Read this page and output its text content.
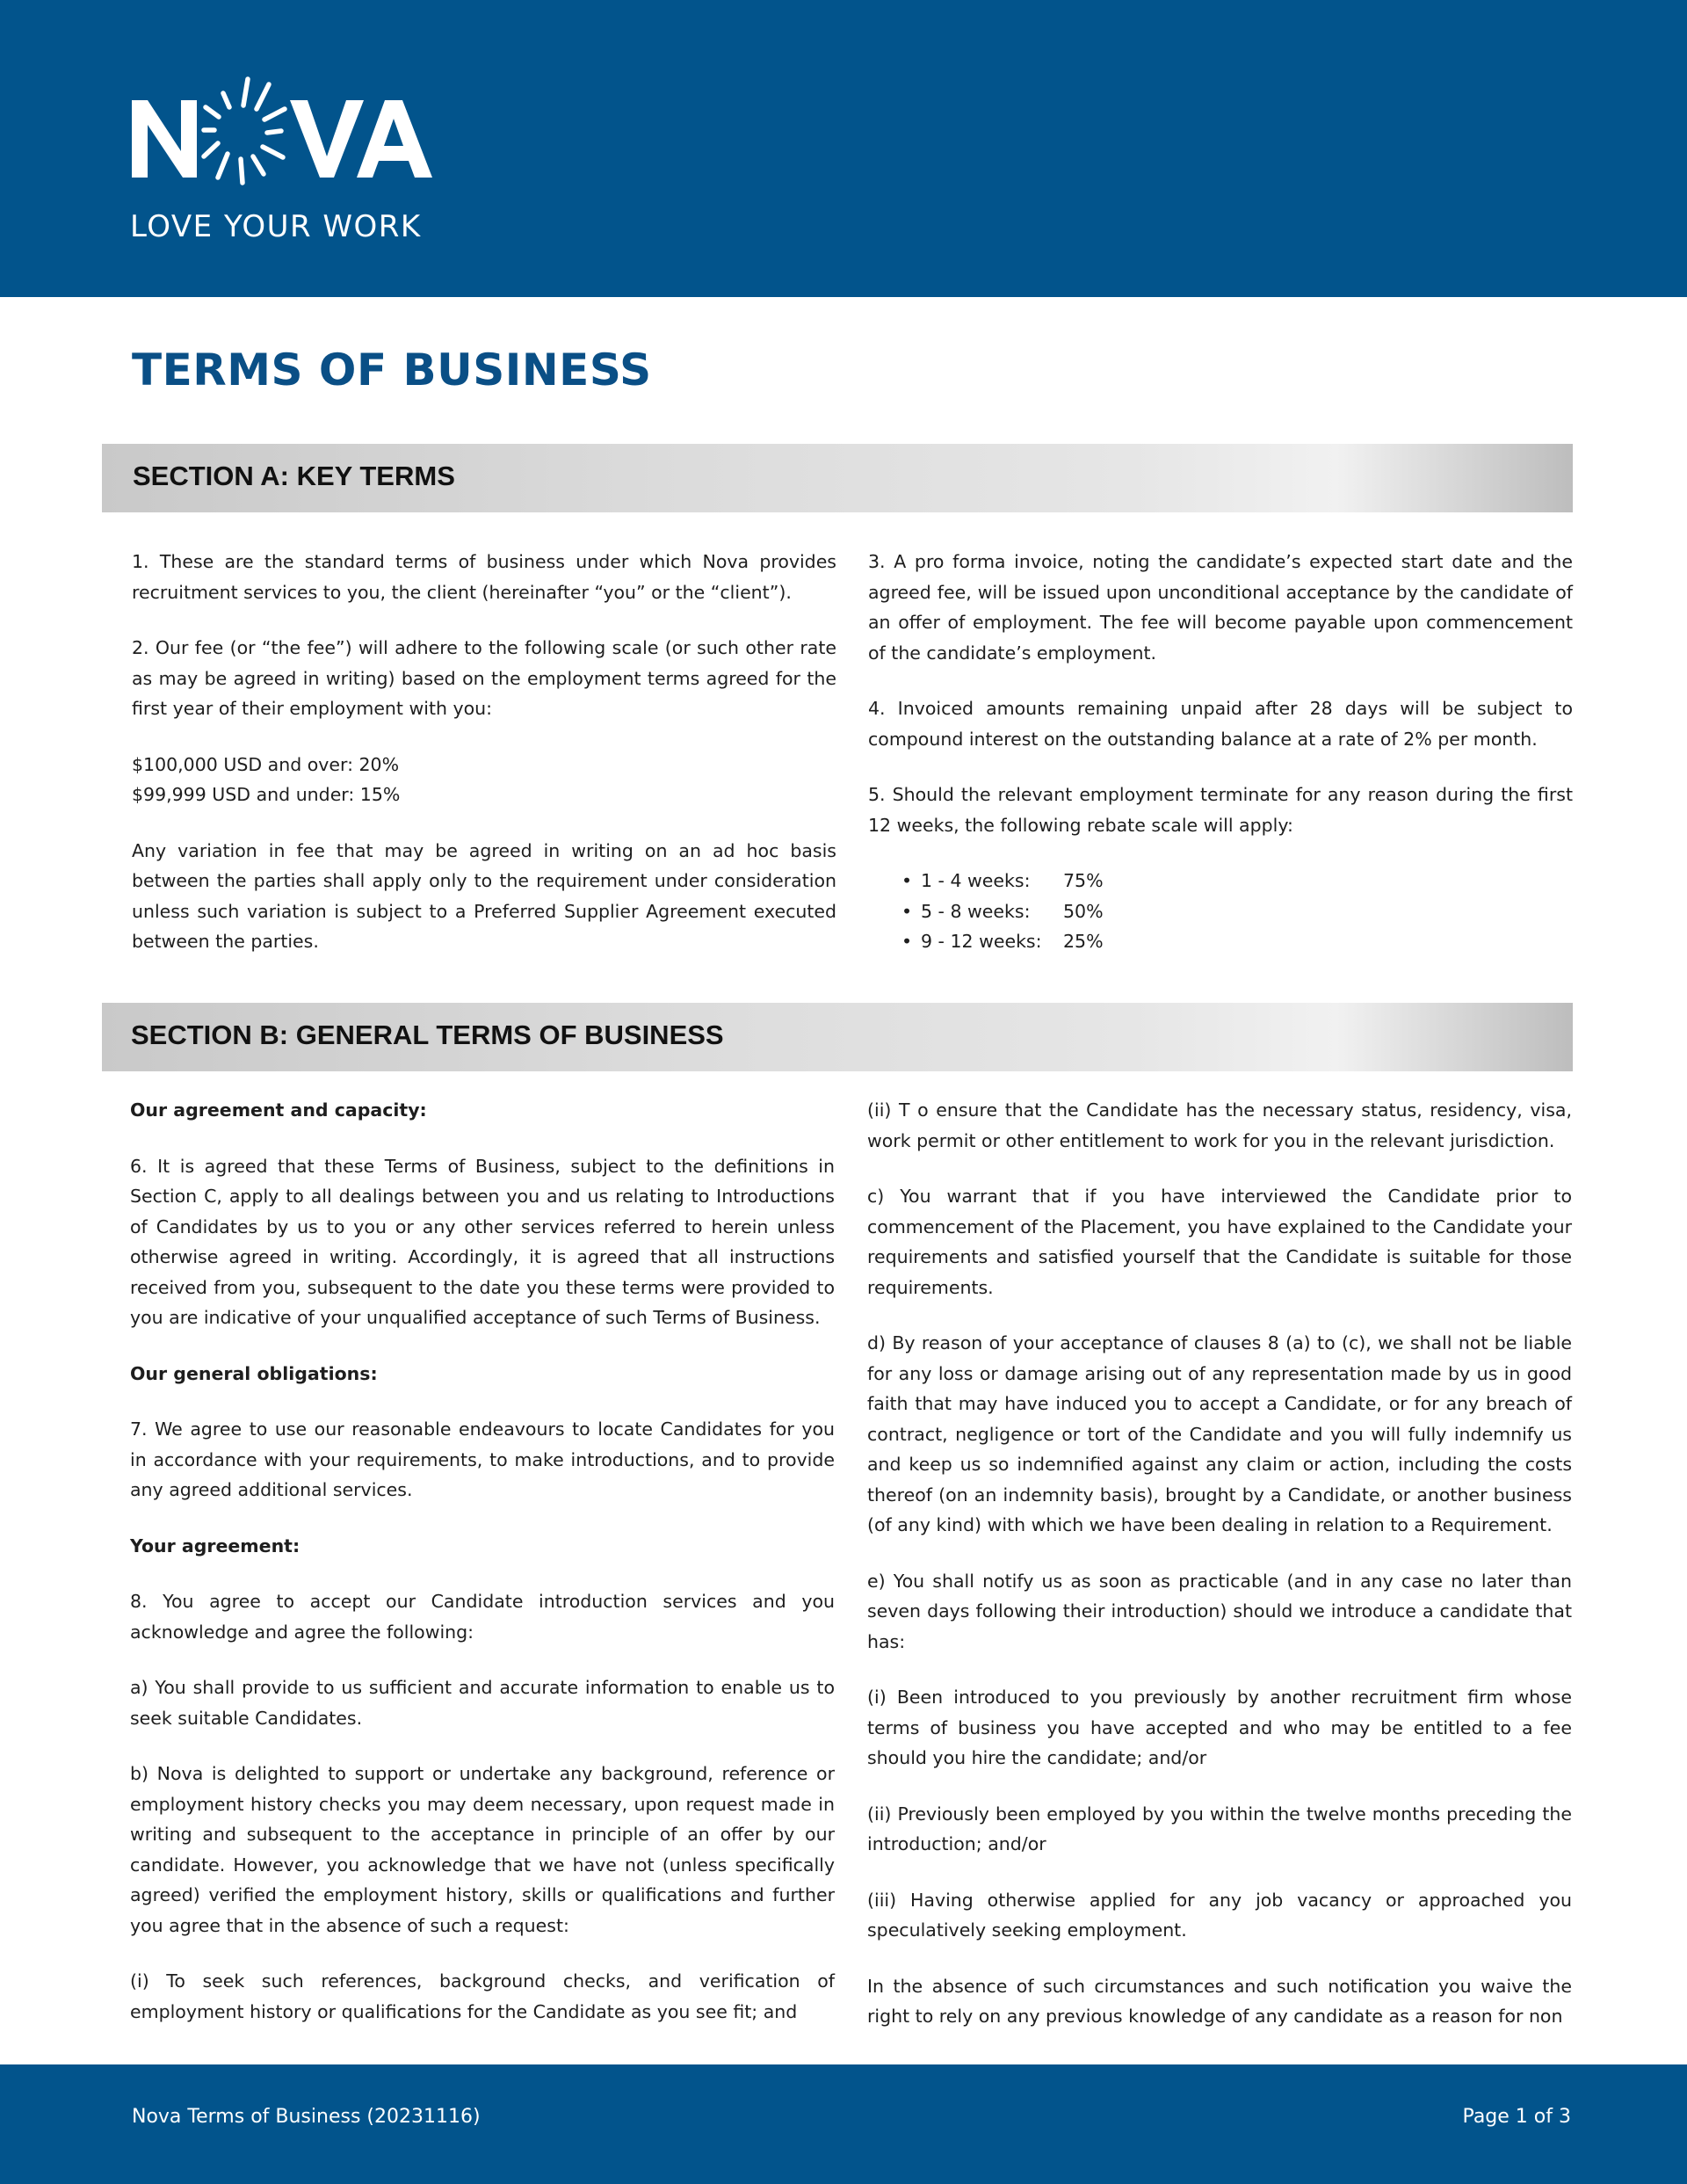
LOVE YOUR WORK
TERMS OF BUSINESS
SECTION A: KEY TERMS

1. These are the standard terms of business under which Nova provides recruitment services to you, the client (hereinafter “you” or the “client”).

2. Our fee (or “the fee”) will adhere to the following scale (or such other rate as may be agreed in writing) based on the employment terms agreed for the first year of their employment with you:

$100,000 USD and over: 20%
$99,999 USD and under: 15%

Any variation in fee that may be agreed in writing on an ad hoc basis between the parties shall apply only to the requirement under consideration unless such variation is subject to a Preferred Supplier Agreement executed between the parties.

3. A pro forma invoice, noting the candidate’s expected start date and the agreed fee, will be issued upon unconditional acceptance by the candidate of an offer of employment. The fee will become payable upon commencement of the candidate’s employment.

4. Invoiced amounts remaining unpaid after 28 days will be subject to compound interest on the outstanding balance at a rate of 2% per month.

5. Should the relevant employment terminate for any reason during the first 12 weeks, the following rebate scale will apply:

• 1 - 4 weeks: 75%
• 5 - 8 weeks: 50%
• 9 - 12 weeks: 25%
SECTION B: GENERAL TERMS OF BUSINESS

Our agreement and capacity:

6. It is agreed that these Terms of Business, subject to the definitions in Section C, apply to all dealings between you and us relating to Introductions of Candidates by us to you or any other services referred to herein unless otherwise agreed in writing. Accordingly, it is agreed that all instructions received from you, subsequent to the date you these terms were provided to you are indicative of your unqualified acceptance of such Terms of Business.

Our general obligations:

7. We agree to use our reasonable endeavours to locate Candidates for you in accordance with your requirements, to make introductions, and to provide any agreed additional services.

Your agreement:

8. You agree to accept our Candidate introduction services and you acknowledge and agree the following:

a) You shall provide to us sufficient and accurate information to enable us to seek suitable Candidates.

b) Nova is delighted to support or undertake any background, reference or employment history checks you may deem necessary, upon request made in writing and subsequent to the acceptance in principle of an offer by our candidate. However, you acknowledge that we have not (unless specifically agreed) verified the employment history, skills or qualifications and further you agree that in the absence of such a request:

(i) To seek such references, background checks, and verification of employment history or qualifications for the Candidate as you see fit; and

(ii) T o ensure that the Candidate has the necessary status, residency, visa, work permit or other entitlement to work for you in the relevant jurisdiction.

c) You warrant that if you have interviewed the Candidate prior to commencement of the Placement, you have explained to the Candidate your requirements and satisfied yourself that the Candidate is suitable for those requirements.

d) By reason of your acceptance of clauses 8 (a) to (c), we shall not be liable for any loss or damage arising out of any representation made by us in good faith that may have induced you to accept a Candidate, or for any breach of contract, negligence or tort of the Candidate and you will fully indemnify us and keep us so indemnified against any claim or action, including the costs thereof (on an indemnity basis), brought by a Candidate, or another business (of any kind) with which we have been dealing in relation to a Requirement.

e) You shall notify us as soon as practicable (and in any case no later than seven days following their introduction) should we introduce a candidate that has:

(i) Been introduced to you previously by another recruitment firm whose terms of business you have accepted and who may be entitled to a fee should you hire the candidate; and/or

(ii) Previously been employed by you within the twelve months preceding the introduction; and/or

(iii) Having otherwise applied for any job vacancy or approached you speculatively seeking employment.

In the absence of such circumstances and such notification you waive the right to rely on any previous knowledge of any candidate as a reason for non

Nova Terms of Business (20231116)	Page 1 of 3
